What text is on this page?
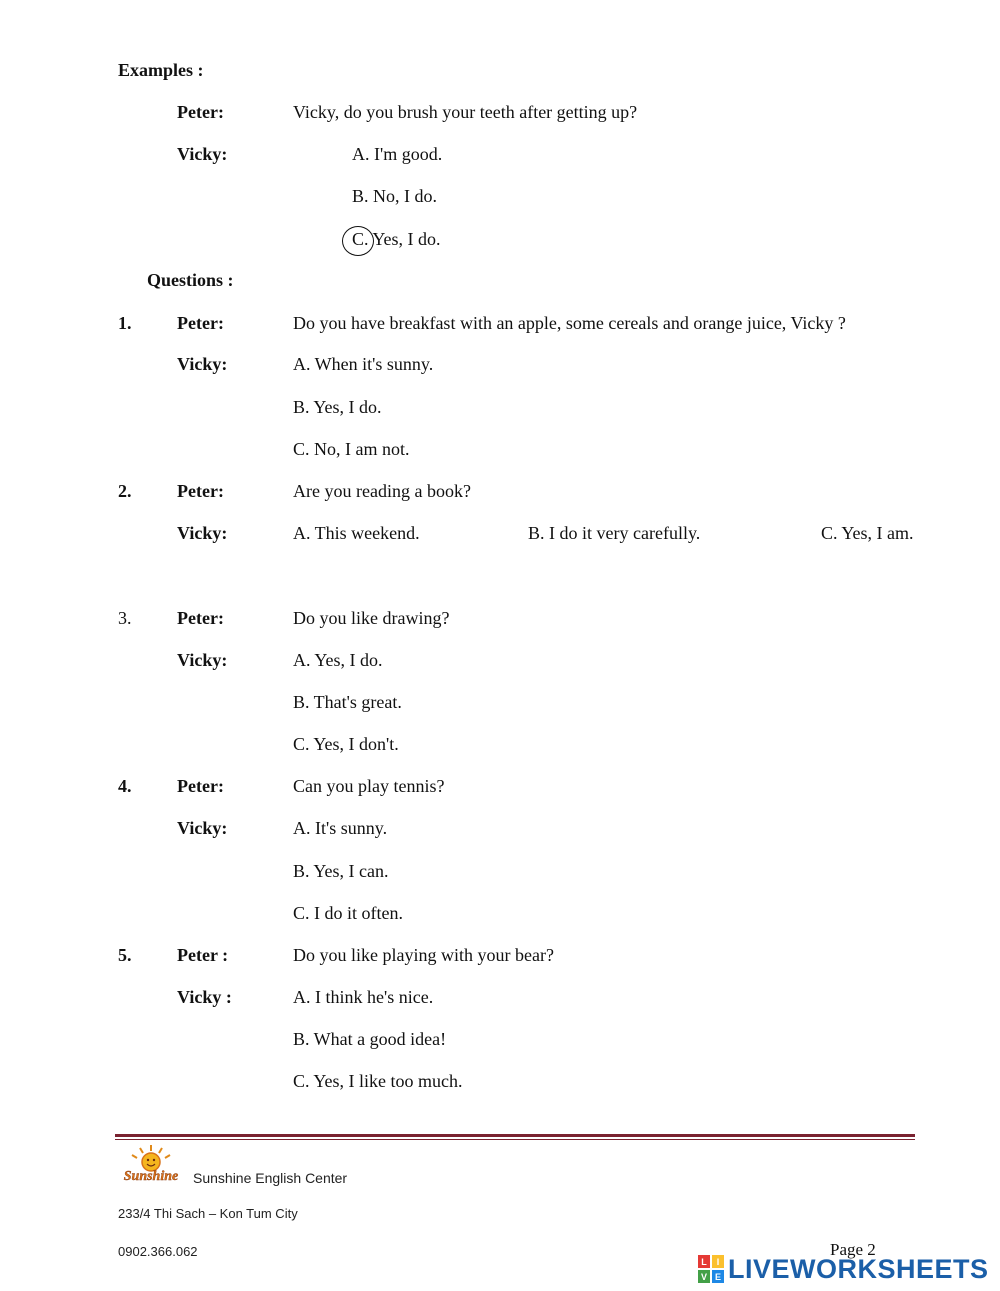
Examples :
Peter:	Vicky, do you brush your teeth after getting up?
Vicky:	A. I'm good.
B. No, I do.
C. Yes, I do.
Questions :
1.	Peter:	Do you have breakfast with an apple, some cereals and orange juice, Vicky ?
Vicky:	A. When it's sunny.
B. Yes, I do.
C. No, I am not.
2.	Peter:	Are you reading a book?
Vicky:	A. This weekend.	B. I do it very carefully.	C. Yes, I am.
3.	Peter:	Do you like drawing?
Vicky:	A. Yes, I do.
B. That's great.
C. Yes, I don't.
4.	Peter:	Can you play tennis?
Vicky:	A. It's sunny.
B. Yes, I can.
C. I do it often.
5.	Peter :	Do you like playing with your bear?
Vicky :	A. I think he's nice.
B. What a good idea!
C. Yes, I like too much.
Sunshine Sunshine English Center
233/4 Thi Sach – Kon Tum City
0902.366.062	Page 2
L I
V E LIVEWORKSHEETS
